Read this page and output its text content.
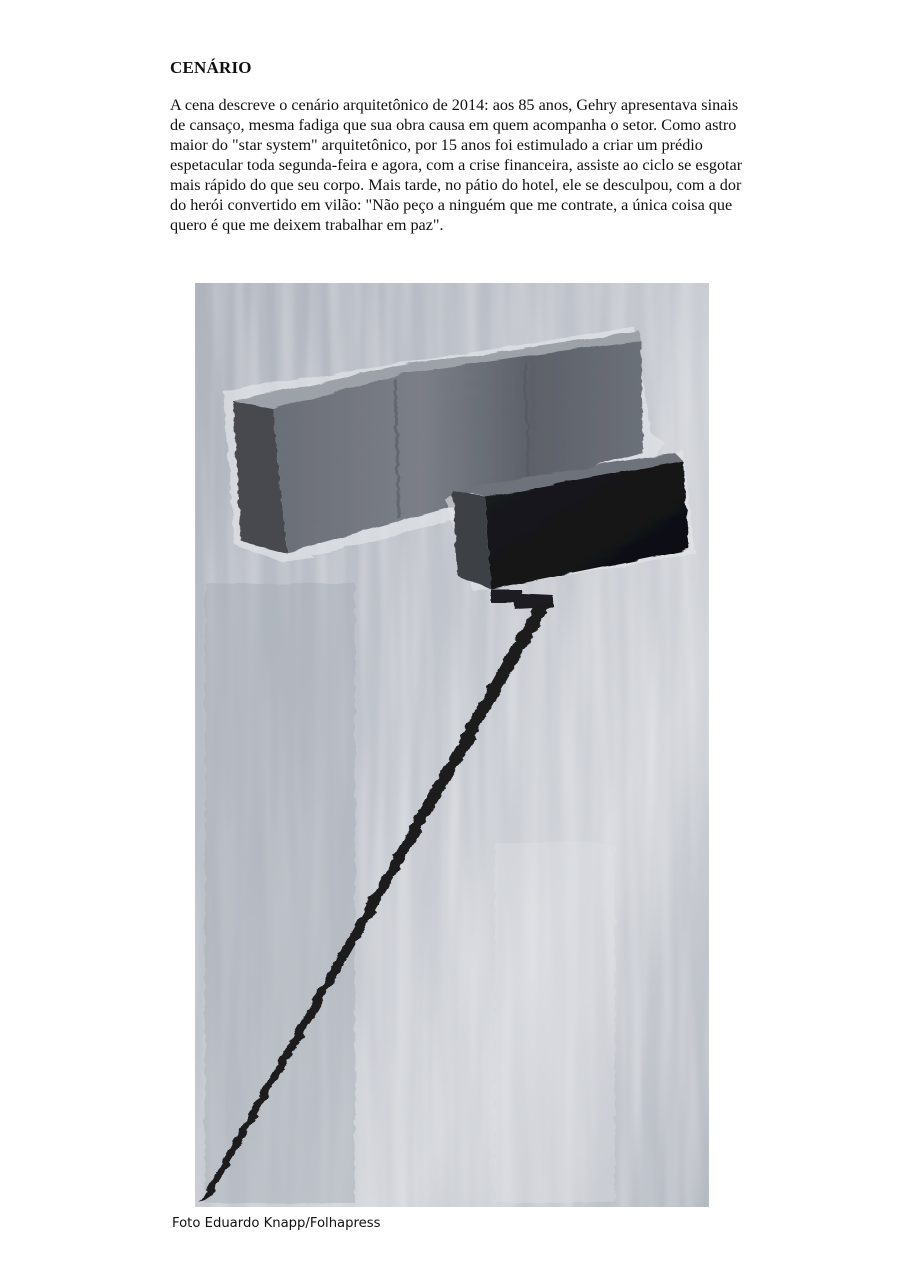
CENÁRIO

A cena descreve o cenário arquitetônico de 2014: aos 85 anos, Gehry apresentava sinais de cansaço, mesma fadiga que sua obra causa em quem acompanha o setor. Como astro maior do "star system" arquitetônico, por 15 anos foi estimulado a criar um prédio espetacular toda segunda-feira e agora, com a crise financeira, assiste ao ciclo se esgotar mais rápido do que seu corpo. Mais tarde, no pátio do hotel, ele se desculpou, com a dor do herói convertido em vilão: "Não peço a ninguém que me contrate, a única coisa que quero é que me deixem trabalhar em paz".

Foto Eduardo Knapp/Folhapress
